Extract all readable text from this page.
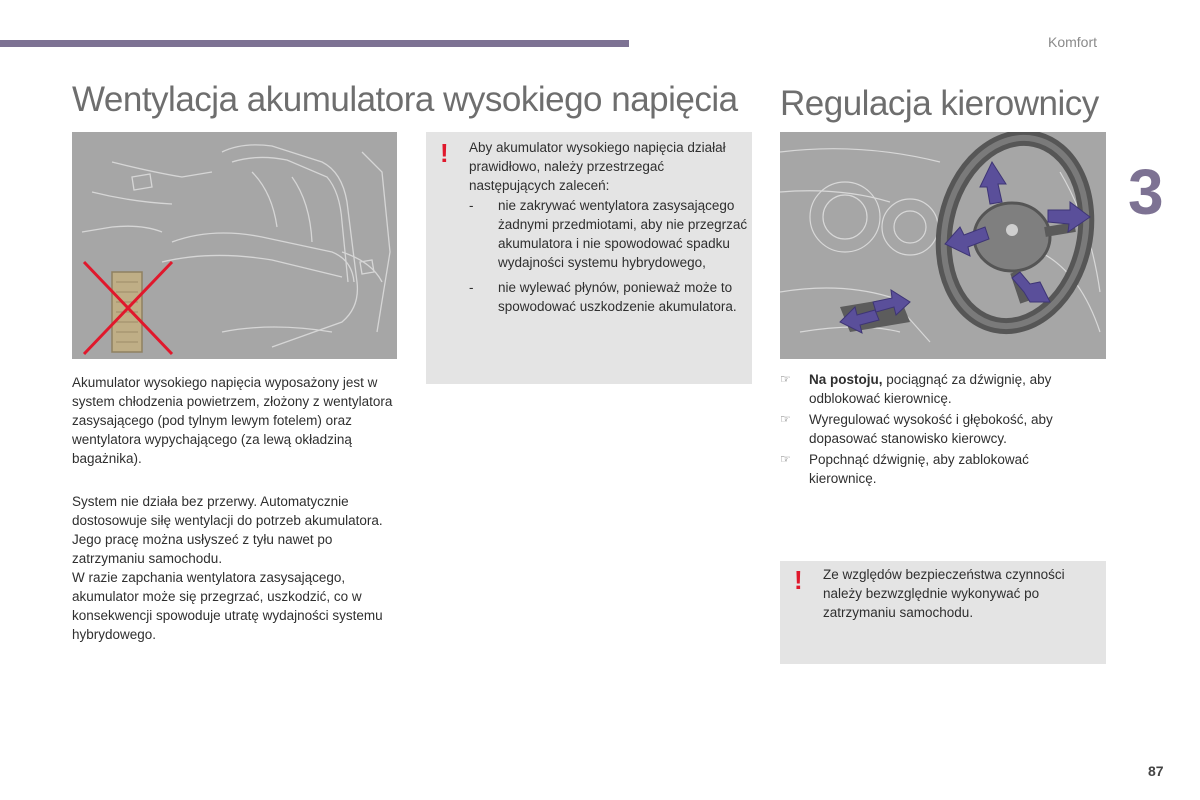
Komfort
3
Wentylacja akumulatora wysokiego napięcia Regulacja kierownicy
! Aby akumulator wysokiego napięcia działał prawidłowo, należy przestrzegać następujących zaleceń:
- nie zakrywać wentylatora zasysającego żadnymi przedmiotami, aby nie przegrzać akumulatora i nie spowodować spadku wydajności systemu hybrydowego,
- nie wylewać płynów, ponieważ może to spowodować uszkodzenie akumulatora.
Akumulator wysokiego napięcia wyposażony jest w system chłodzenia powietrzem, złożony z wentylatora zasysającego (pod tylnym lewym fotelem) oraz wentylatora wypychającego (za lewą okładziną bagażnika).
System nie działa bez przerwy. Automatycznie dostosowuje siłę wentylacji do potrzeb akumulatora.
Jego pracę można usłyszeć z tyłu nawet po zatrzymaniu samochodu.
W razie zapchania wentylatora zasysającego, akumulator może się przegrzać, uszkodzić, co w konsekwencji spowoduje utratę wydajności systemu hybrydowego.
☞ Na postoju, pociągnąć za dźwignię, aby odblokować kierownicę.
☞ Wyregulować wysokość i głębokość, aby dopasować stanowisko kierowcy.
☞ Popchnąć dźwignię, aby zablokować kierownicę.
! Ze względów bezpieczeństwa czynności należy bezwzględnie wykonywać po zatrzymaniu samochodu.
87
